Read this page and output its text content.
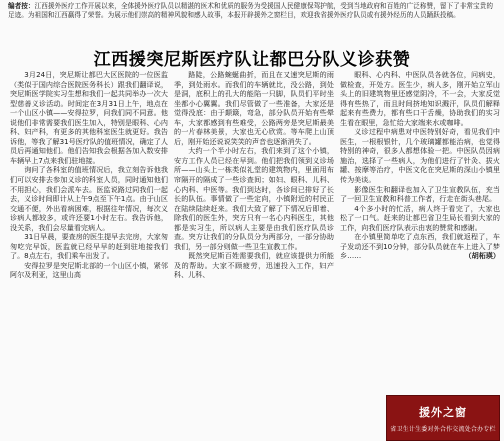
编者按：江西援外医疗工作开展以来，全体援外医疗队员以精湛的医术和优质的服务为受援国人民健康保驾护航，受到当地政府和百姓的广泛称赞，留下了非常宝贵的足迹。为祖国和江西赢得了荣誉。为展示他们崇高的精神风貌和感人故事，本报开辟援外之窗栏目，欢迎我省援外医疗队员或有援外经历的人员踊跃投稿。
江西援突尼斯医疗队让都巴分队义诊获赞

3月24日，突尼斯让都巴大区医院的一位医监（类似于国内综合医院医务科长）跟我们翻译说，突尼斯医学院实习生想和我们一起共同举办一次大型慈善义诊活动。时间定在3月31日上午，地点在一个山区小镇——安得拉罗，问我们同不同意。他说他们非常需要我们医生加入，特别是眼科、心内科、妇产科，有更多的其他科室医生就更好。我告诉他，等我了解31号医疗队的值班情况，确定了人员后再通知他们。他们告知我会根据各加入数安排车辆早上7点来我们驻地接。

询问了各科室的值班情况后，我立刻告诉他我们可以安排去参加义诊的科室人员，同时通知他们不用担心，我们会派车去。医监说路过同我们一起去，义诊时间即计从上午9点至下午1点。由于山区交通不便，外出看病困难，根据往年情况，每次义诊病人都较多，或许还要1小时左右。我告诉他，没关系，我们会尽量看完病人。

31日早晨，要查房的医生提早去完房，大家匆匆吃完早饭，医监就已经早早的赶到驻地接我们了。8点左右，我们乘车出发了。

安得拉罗是突尼斯北部的一个山区小镇，紧邻阿尔及利亚，这里山高

路陡，公路蜿蜒曲折，而且在又速突尼斯的雨季，到处雨水。而我们的车辆就比，没公路，到处是洞，底积上的孔大的能陷一只脚，队员们平时坐坐都小心翼翼。我们尽管做了一些准备，大家还是觉得没底：由于颠簸，弯急，部分队员开始有些晕车，大家都感到有些难受，公路两旁是突尼斯最美的一片春林美景，大家也无心欣赏。等车爬上山顶后，刚开始还说说笑笑的声音也逐渐消失了。

大约一个半小时左右，我们来到了这个小镇，安方工作人员已经在早到。他们把我们领到义诊场所——山头上一栋类似礼堂的建筑物内，里面用布帘隔开的隔成了一些诊查间；如妇、眼科、儿科、心内科、中医等。我们到达时，各诊间已排好了长长的队伍。事情做了一些定向，小镇附近的村民正在陆续陆续赶来。我们大致了解了下情况后即着、除我们的医生外，突方只有一名心内科医生，其他都是实习生，所以病人主要是由我们医疗队员诊查。突方让我们的分队员分为两部分，一部分协助我们，另一部分则做一些卫生宣教工作。

既然突尼斯百姓需要我们，就应该提供力所能及的帮助。大家不顾疲劳，迅速投入工作，妇产科、儿科、

眼科、心内科、中医队员各就各位，问病史，做检查，开处方。医生少，病人多，刚开始立军山头上的旧建筑物里还感觉阴冷，不一会，大家反觉得有些热了，而且时间挤地知识溅汗，队员们解释起来有些费力，都有些口干舌燥，协助我们的实习生看在眼里，急忙给大家端来水或咖啡。

义诊过程中病患对中医特别好奇，看见我们中医生，一根根银针，几个玻璃罐都能治病，也觉得特别的神奇，很多人都想体验一把。中医队员因病施治，选择了一些病人，为他们进行了针灸、拔火罐、按摩等治疗，中医文化在突尼斯的深山小镇里传为美谈。

影像医生和翻译也加入了卫生宣教队伍，充当了一回卫生宣教和科普工作者，行走在街头巷尾。

4个多小时的忙活，病人终于看完了，大家也松了一口气。赶来的让都巴省卫生局长看到大家的工作，向我们医疗队表示由衷的赞赏和感谢。

在小镇里简单吃了点东西，我们就返程了，车子发动还不到10分钟，部分队员就在车上进入了梦乡……	（胡柘瑛）

援外之窗
省卫生计生委对外合作交流处合办专栏
